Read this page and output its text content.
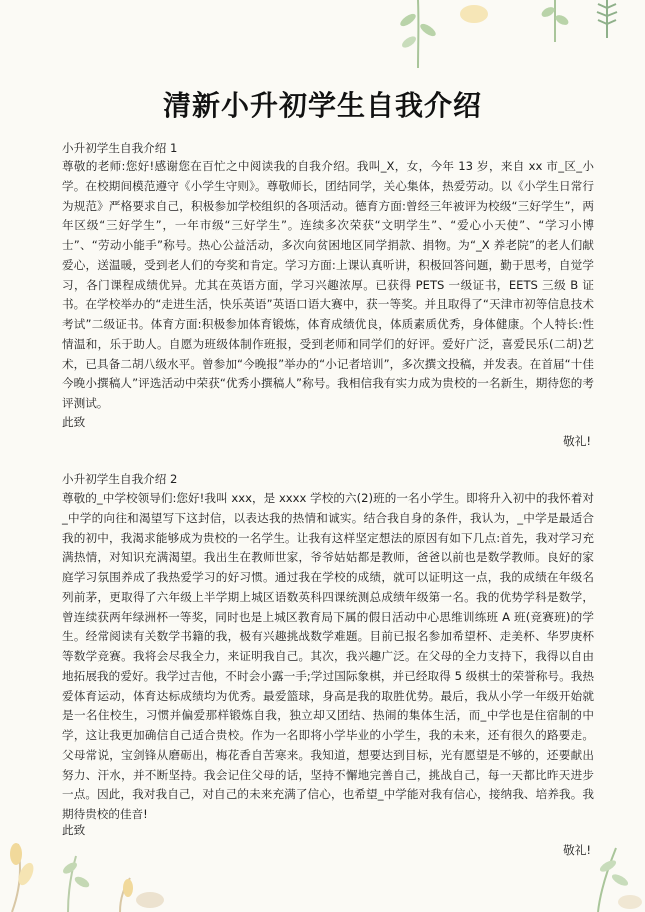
清新小升初学生自我介绍
小升初学生自我介绍 1
尊敬的老师:您好!感谢您在百忙之中阅读我的自我介绍。我叫_X，女，今年 13 岁，来自 xx 市_区_小学。在校期间模范遵守《小学生守则》。尊敬师长，团结同学，关心集体，热爱劳动。以《小学生日常行为规范》严格要求自己，积极参加学校组织的各项活动。德育方面:曾经三年被评为校级“三好学生”，两年区级“三好学生”，一年市级“三好学生”。连续多次荣获“文明学生”、“爱心小天使”、“学习小博士”、“劳动小能手”称号。热心公益活动，多次向贫困地区同学捐款、捐物。为“_X 养老院”的老人们献爱心，送温暖，受到老人们的夸奖和肯定。学习方面:上课认真听讲，积极回答问题，勤于思考，自觉学习，各门课程成绩优异。尤其在英语方面，学习兴趣浓厚。已获得 PETS 一级证书，EETS 三级 B 证书。在学校举办的“走进生活，快乐英语”英语口语大赛中，获一等奖。并且取得了“天津市初等信息技术考试”二级证书。体育方面:积极参加体育锻炼，体育成绩优良，体质素质优秀，身体健康。个人特长:性情温和，乐于助人。自愿为班级体制作班报，受到老师和同学们的好评。爱好广泛，喜爱民乐(二胡)艺术，已具备二胡八级水平。曾参加“今晚报”举办的“小记者培训”，多次撰文投稿，并发表。在首届“十佳今晚小撰稿人”评选活动中荣获“优秀小撰稿人”称号。我相信我有实力成为贵校的一名新生，期待您的考评测试。
此致
敬礼!
小升初学生自我介绍 2
尊敬的_中学校领导们:您好!我叫 xxx，是 xxxx 学校的六(2)班的一名小学生。即将升入初中的我怀着对_中学的向往和渴望写下这封信，以表达我的热情和诚实。结合我自身的条件，我认为，_中学是最适合我的初中，我渴求能够成为贵校的一名学生。让我有这样坚定想法的原因有如下几点:首先，我对学习充满热情，对知识充满渴望。我出生在教师世家，爷爷姑姑都是教师，爸爸以前也是数学教师。良好的家庭学习氛围养成了我热爱学习的好习惯。通过我在学校的成绩，就可以证明这一点，我的成绩在年级名列前茅，更取得了六年级上半学期上城区语数英科四课统测总成绩年级第一名。我的优势学科是数学，曾连续获两年绿洲杯一等奖，同时也是上城区教育局下属的假日活动中心思维训练班 A 班(竞赛班)的学生。经常阅读有关数学书籍的我，极有兴趣挑战数学难题。目前已报名参加希望杯、走美杯、华罗庚杯等数学竞赛。我将会尽我全力，来证明我自己。其次，我兴趣广泛。在父母的全力支持下，我得以自由地拓展我的爱好。我学过吉他，不时会小露一手;学过国际象棋，并已经取得 5 级棋士的荣誉称号。我热爱体育运动，体育达标成绩均为优秀。最爱篮球，身高是我的取胜优势。最后，我从小学一年级开始就是一名住校生，习惯并偏爱那样锻炼自我，独立却又团结、热闹的集体生活，而_中学也是住宿制的中学，这让我更加确信自己适合贵校。作为一名即将小学毕业的小学生，我的未来，还有很久的路要走。父母常说，宝剑锋从磨砺出，梅花香自苦寒来。我知道，想要达到目标，光有愿望是不够的，还要献出努力、汗水，并不断坚持。我会记住父母的话，坚持不懈地完善自己，挑战自己，每一天都比昨天进步一点。因此，我对我自己，对自己的未来充满了信心，也希望_中学能对我有信心，接纳我、培养我。我期待贵校的佳音!
此致
敬礼!
